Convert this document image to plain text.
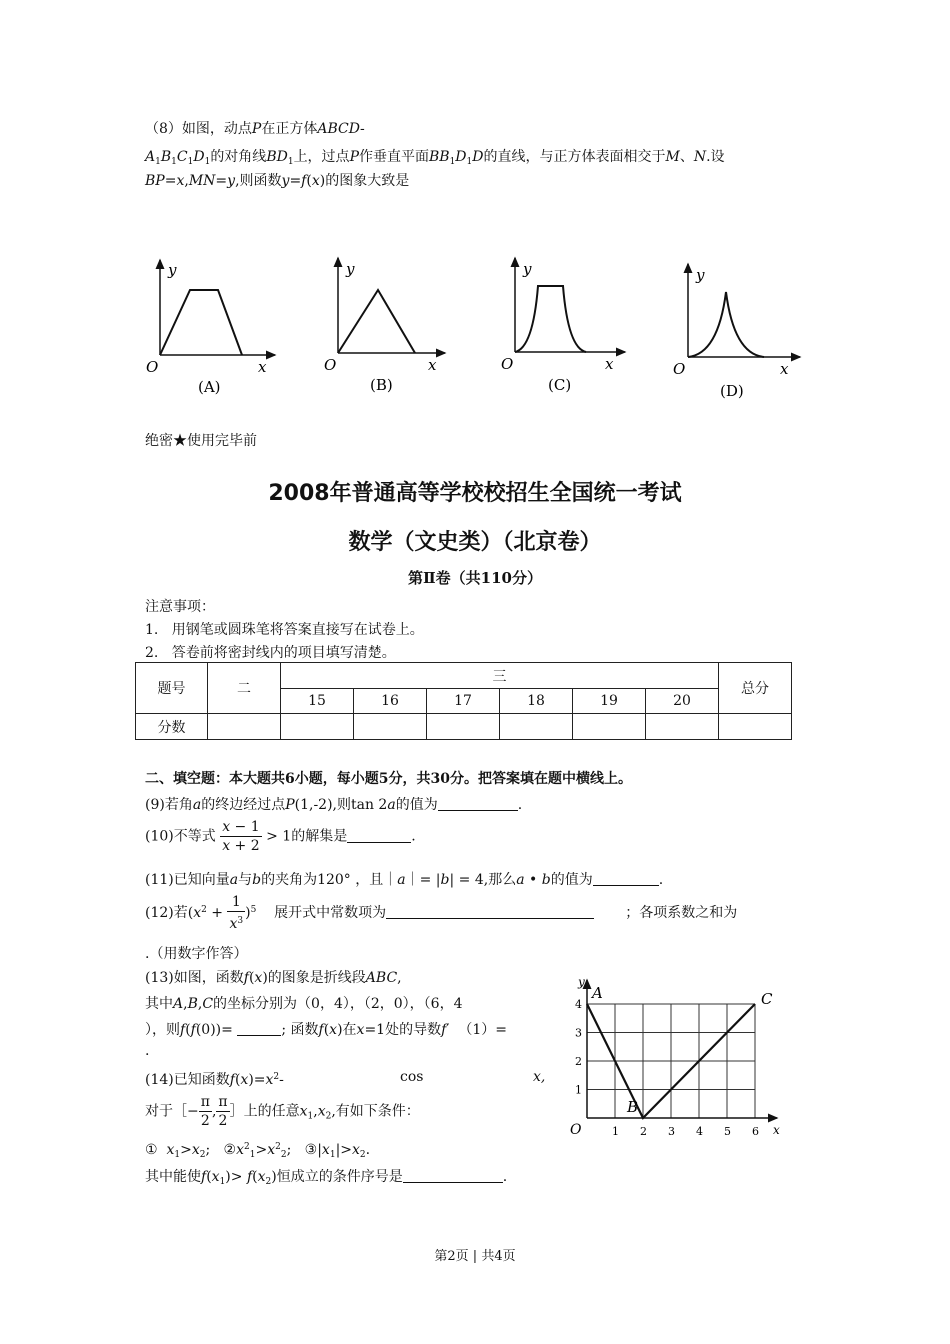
（8）如图，动点P在正方体ABCD-
$A_1B_1C_1D_1$的对角线$BD_1$上，过点P作垂直平面$BB_1D_1D$的直线，与正方体表面相交于M、N.设
BP=x,MN=y,则函数y=f(x)的图象大致是
y
O	x
(A)
y
O	x
(B)
y
O	x
(C)
y
O	x
(D)
绝密★使用完毕前
2008年普通高等学校校招生全国统一考试
数学（文史类）（北京卷）
第Ⅱ卷（共110分）
注意事项：
1.   用钢笔或圆珠笔将答案直接写在试卷上。
2.   答卷前将密封线内的项目填写清楚。
题号	二	三						总分
		15	16	17	18	19	20	
分数								
二、填空题：本大题共6小题，每小题5分，共30分。把答案填在题中横线上。
(9)若角a的终边经过点P(1,-2),则tan 2a的值为	.
(10)不等式 $\frac{x - 1}{x + 2} > 1$的解集是	.
(11)已知向量a与b的夹角为120° ，且｜a｜= |b| = 4,那么a • b的值为	.
(12)若$(x^2 + \frac{1}{x^3} )^5$    展开式中常数项为	；各项系数之和为
.（用数字作答）
(13)如图，函数f(x)的图象是折线段ABC,
其中A,B,C的坐标分别为（0，4），（2，0），（6，4
），则f(f(0))=	; 函数f(x)在x=1处的导数f′  （1）=
.
(14)已知函数$f(x)=x^2-$	cos	x,
对于［− $\frac{\pi}{2}$ , $\frac{\pi}{2}$ ］上的任意$x_1,x_2$,有如下条件：
①  $x_1>x_2$;   $②x^2_1>x^2_2$;   $③|x_1|>x_2$.
其中能使$f(x_1)> f(x_2)$恒成立的条件序号是	.
1 2 3 4 5 6
1
2
3
4
O	x
y
A
B
C
第2页 | 共4页
